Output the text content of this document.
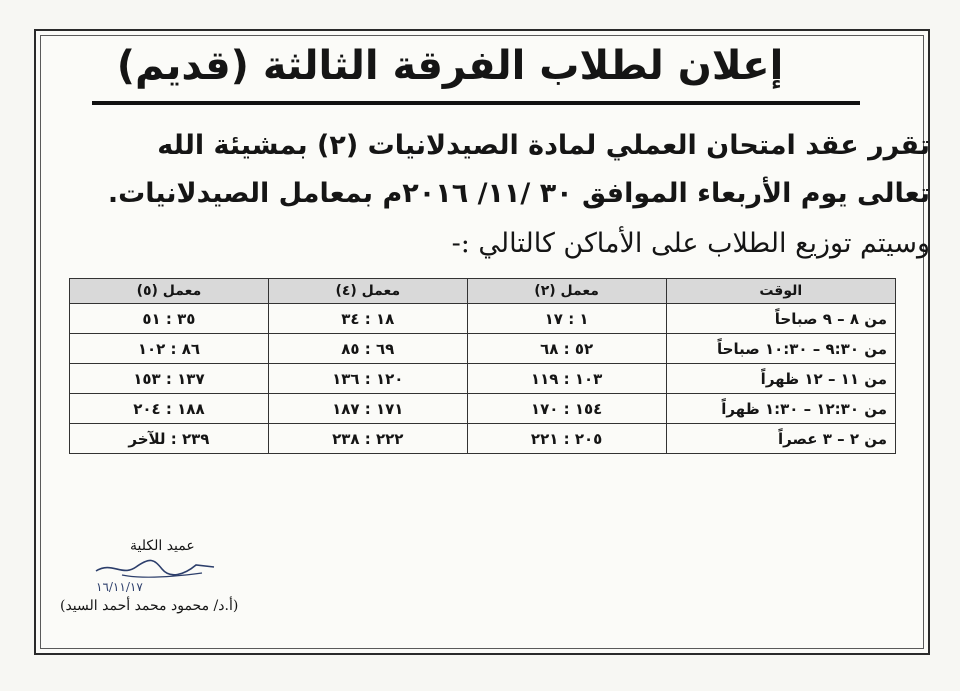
إعلان لطلاب الفرقة الثالثة (قديم)
تقرر عقد امتحان العملي لمادة الصيدلانيات (٢) بمشيئة الله
تعالى يوم الأربعاء الموافق ٣٠ /١١/ ٢٠١٦م بمعامل الصيدلانيات.
وسيتم توزيع الطلاب على الأماكن كالتالي :-
الوقت	معمل (٢)	معمل (٤)	معمل (٥)
من ٨ – ٩ صباحاً	١ : ١٧	١٨ : ٣٤	٣٥ : ٥١
من ٩:٣٠ – ١٠:٣٠ صباحاً	٥٢ : ٦٨	٦٩ : ٨٥	٨٦ : ١٠٢
من ١١ – ١٢ ظهراً	١٠٣ : ١١٩	١٢٠ : ١٣٦	١٣٧ : ١٥٣
من ١٢:٣٠ – ١:٣٠ ظهراً	١٥٤ : ١٧٠	١٧١ : ١٨٧	١٨٨ : ٢٠٤
من ٢ – ٣ عصراً	٢٠٥ : ٢٢١	٢٢٢ : ٢٣٨	٢٣٩ : للآخر
عميد الكلية
١٦/١١/١٧
(أ.د/ محمود محمد أحمد السيد)
